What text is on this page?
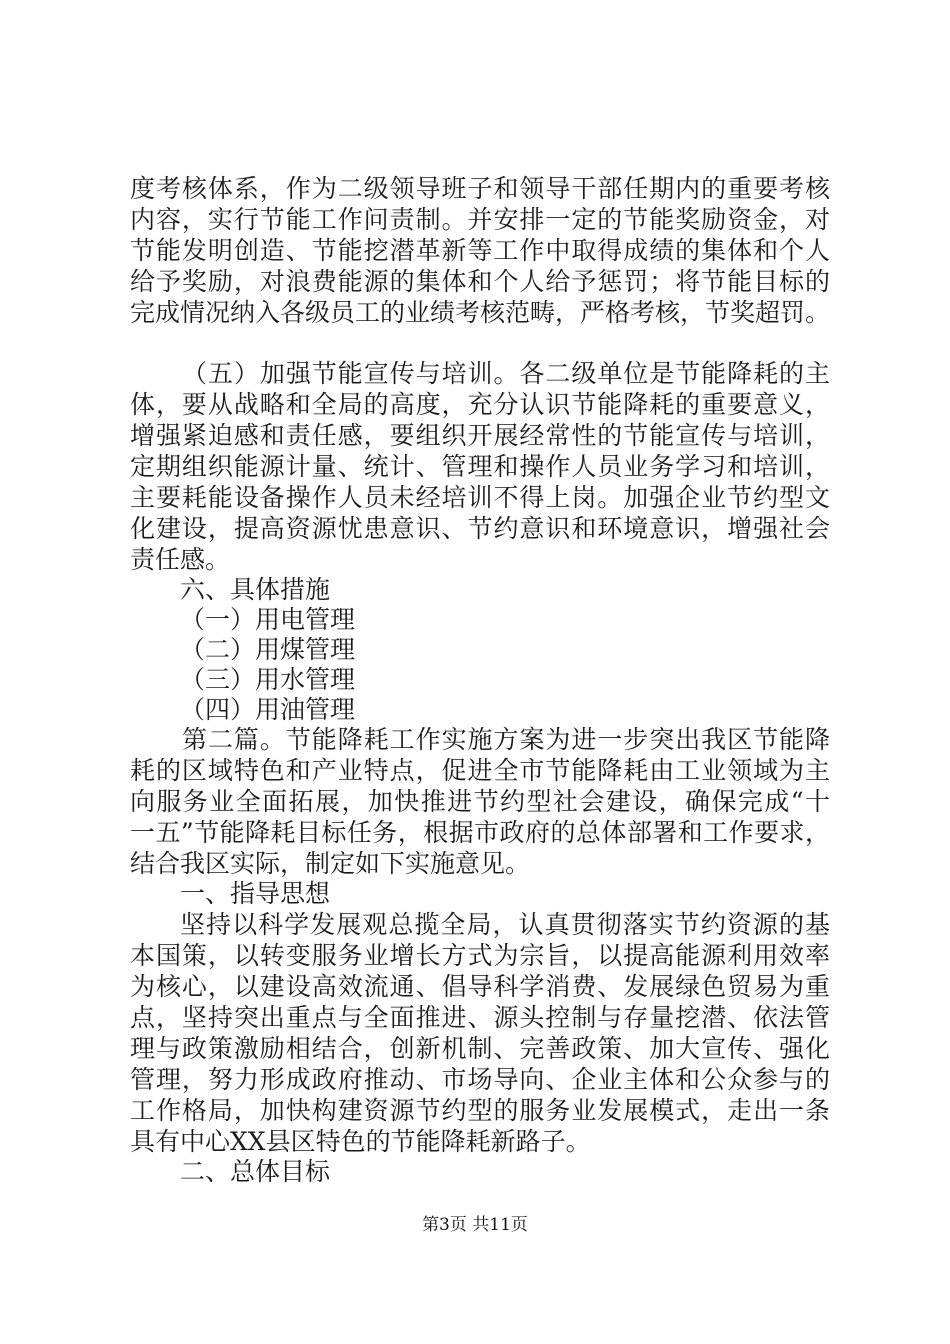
度考核体系，作为二级领导班子和领导干部任期内的重要考核
内容，实行节能工作问责制。并安排一定的节能奖励资金，对
节能发明创造、节能挖潜革新等工作中取得成绩的集体和个人
给予奖励，对浪费能源的集体和个人给予惩罚；将节能目标的
完成情况纳入各级员工的业绩考核范畴，严格考核，节奖超罚。
（五）加强节能宣传与培训。各二级单位是节能降耗的主
体，要从战略和全局的高度，充分认识节能降耗的重要意义，
增强紧迫感和责任感，要组织开展经常性的节能宣传与培训，
定期组织能源计量、统计、管理和操作人员业务学习和培训，
主要耗能设备操作人员未经培训不得上岗。加强企业节约型文
化建设，提高资源忧患意识、节约意识和环境意识，增强社会
责任感。
六、具体措施
（一）用电管理
（二）用煤管理
（三）用水管理
（四）用油管理
第二篇。节能降耗工作实施方案为进一步突出我区节能降
耗的区域特色和产业特点，促进全市节能降耗由工业领域为主
向服务业全面拓展，加快推进节约型社会建设，确保完成“十
一五”节能降耗目标任务，根据市政府的总体部署和工作要求，
结合我区实际，制定如下实施意见。
一、指导思想
坚持以科学发展观总揽全局，认真贯彻落实节约资源的基
本国策，以转变服务业增长方式为宗旨，以提高能源利用效率
为核心，以建设高效流通、倡导科学消费、发展绿色贸易为重
点，坚持突出重点与全面推进、源头控制与存量挖潜、依法管
理与政策激励相结合，创新机制、完善政策、加大宣传、强化
管理，努力形成政府推动、市场导向、企业主体和公众参与的
工作格局，加快构建资源节约型的服务业发展模式，走出一条
具有中心XX县区特色的节能降耗新路子。
二、总体目标
第3页 共11页
